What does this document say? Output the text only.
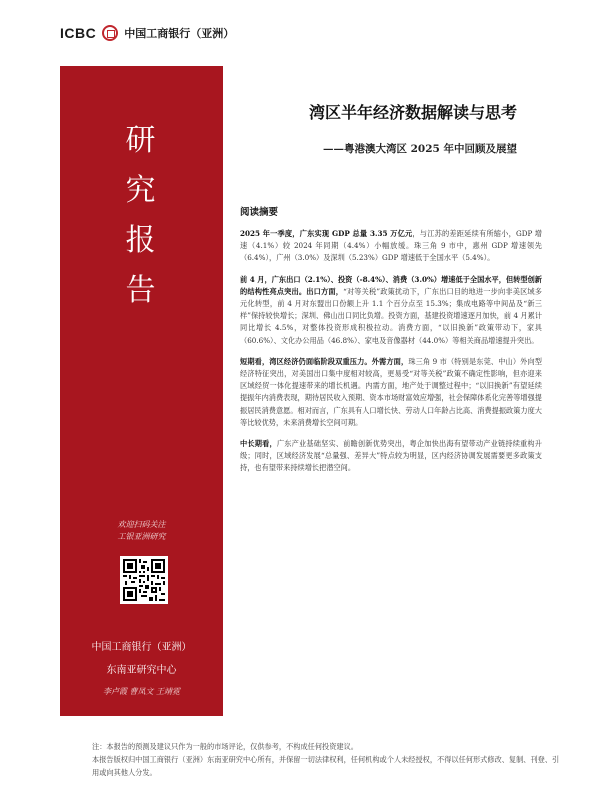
ICBC	中国工商银行（亚洲）
研
究
报
告
欢迎扫码关注
工银亚洲研究
中国工商银行（亚洲）
东南亚研究中心
李卢霞 曹凤文 王靖霓
湾区半年经济数据解读与思考
——粤港澳大湾区 2025 年中回顾及展望
阅读摘要

2025 年一季度，广东实现 GDP 总量 3.35 万亿元，与江苏的差距延续有所缩小，GDP 增速（4.1%）较 2024 年同期（4.4%）小幅放缓。珠三角 9 市中，惠州 GDP 增速领先（6.4%），广州（3.0%）及深圳（5.23%）GDP 增速低于全国水平（5.4%）。

前 4 月，广东出口（2.1%）、投资（-8.4%）、消费（3.0%）增速低于全国水平，但转型创新的结构性亮点突出。出口方面，“对等关税”政策扰动下，广东出口目的地进一步向非美区域多元化转型，前 4 月对东盟出口份额上升 1.1 个百分点至 15.3%；集成电路等中间品及“新三样”保持较快增长；深圳、佛山出口同比负增。投资方面，基建投资增速逐月加快，前 4 月累计同比增长 4.5%，对整体投资形成积极拉动。消费方面，“以旧换新”政策带动下，家具（60.6%）、文化办公用品（46.8%）、家电及音像器材（44.0%）等相关商品增速提升突出。

短期看，湾区经济仍面临阶段双重压力。外需方面，珠三角 9 市（特别是东莞、中山）外向型经济特征突出，对美国出口集中度相对较高，更易受“对等关税”政策不确定性影响，但亦迎来区域经贸一体化提速带来的增长机遇。内需方面，地产处于调整过程中；“以旧换新”有望延续提振年内消费表现，期待居民收入预期、资本市场财富效应增强，社会保障体系化完善等增强提振居民消费意愿。相对而言，广东具有人口增长快、劳动人口年龄占比高、消费提振政策力度大等比较优势，未来消费增长空间可期。

中长期看，广东产业基础坚实、前瞻创新优势突出，粤企加快出海有望带动产业链持续重构升级；同时，区域经济发展“总量强、差异大”特点较为明显，区内经济协调发展需要更多政策支持，也有望带来持续增长把潜空间。

注：本报告的预测及建议只作为一般的市场评论，仅供参考，不构成任何投资建议。
本报告版权归中国工商银行（亚洲）东南亚研究中心所有，并保留一切法律权利，任何机构或个人未经授权，不得以任何形式修改、复制、刊登、引用或向其他人分发。
